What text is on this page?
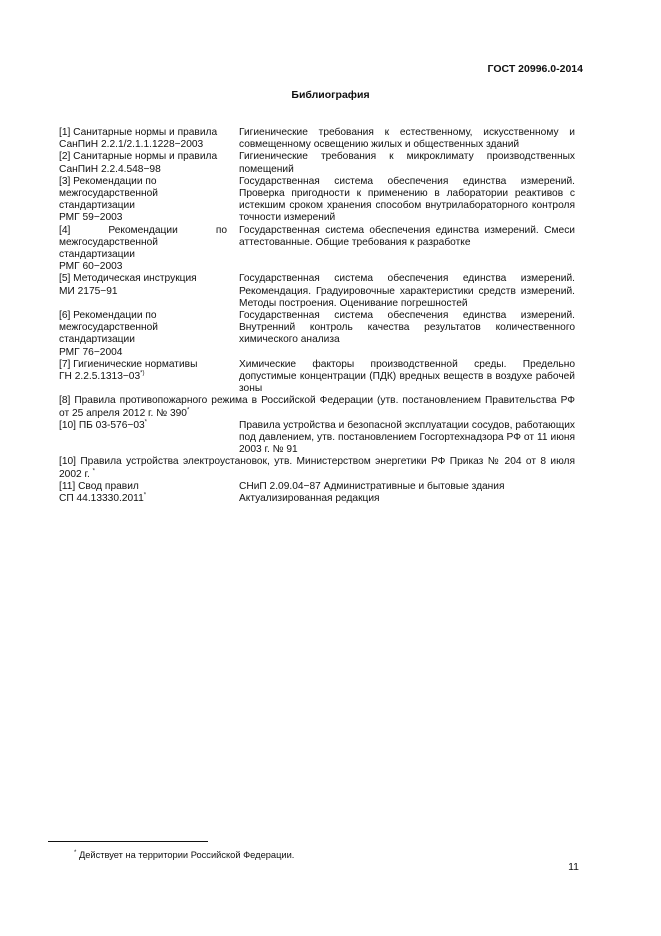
ГОСТ 20996.0-2014
Библиография
[1] Санитарные нормы и правила
СанПиН 2.2.1/2.1.1.1228−2003
Гигиенические требования к естественному, искусственному и совмещенному освещению жилых и общественных зданий
[2] Санитарные нормы и правила
СанПиН 2.2.4.548−98
Гигиенические требования к микроклимату производственных помещений
[3] Рекомендации по
межгосударственной
стандартизации
РМГ 59−2003
Государственная система обеспечения единства измерений. Проверка пригодности к применению в лаборатории реактивов с истекшим сроком хранения способом внутрилабораторного контроля точности измерений
[4] Рекомендации по межгосударственной
стандартизации
РМГ 60−2003
Государственная система обеспечения единства измерений. Смеси аттестованные. Общие требования к разработке
[5] Методическая инструкция
МИ 2175−91
Государственная система обеспечения единства измерений. Рекомендация. Градуировочные характеристики средств измерений. Методы построения. Оценивание погрешностей
[6] Рекомендации по
межгосударственной
стандартизации
РМГ 76−2004
Государственная система обеспечения единства измерений. Внутренний контроль качества результатов количественного химического анализа
[7] Гигиенические нормативы
ГН 2.2.5.1313−03*)
Химические факторы производственной среды. Предельно допустимые концентрации (ПДК) вредных веществ в воздухе рабочей зоны
[8] Правила противопожарного режима в Российской Федерации (утв. постановлением Правительства РФ от 25 апреля 2012 г. № 390*
[10] ПБ 03-576−03*	Правила устройства и безопасной эксплуатации сосудов, работающих под давлением, утв. постановлением Госгортехнадзора РФ от 11 июня 2003 г. № 91
[10] Правила устройства электроустановок, утв. Министерством энергетики РФ Приказ № 204 от 8 июля 2002 г. *
[11] Свод правил
СП 44.13330.2011*
СНиП 2.09.04−87 Административные и бытовые здания
Актуализированная редакция
* Действует на территории Российской Федерации.
11
